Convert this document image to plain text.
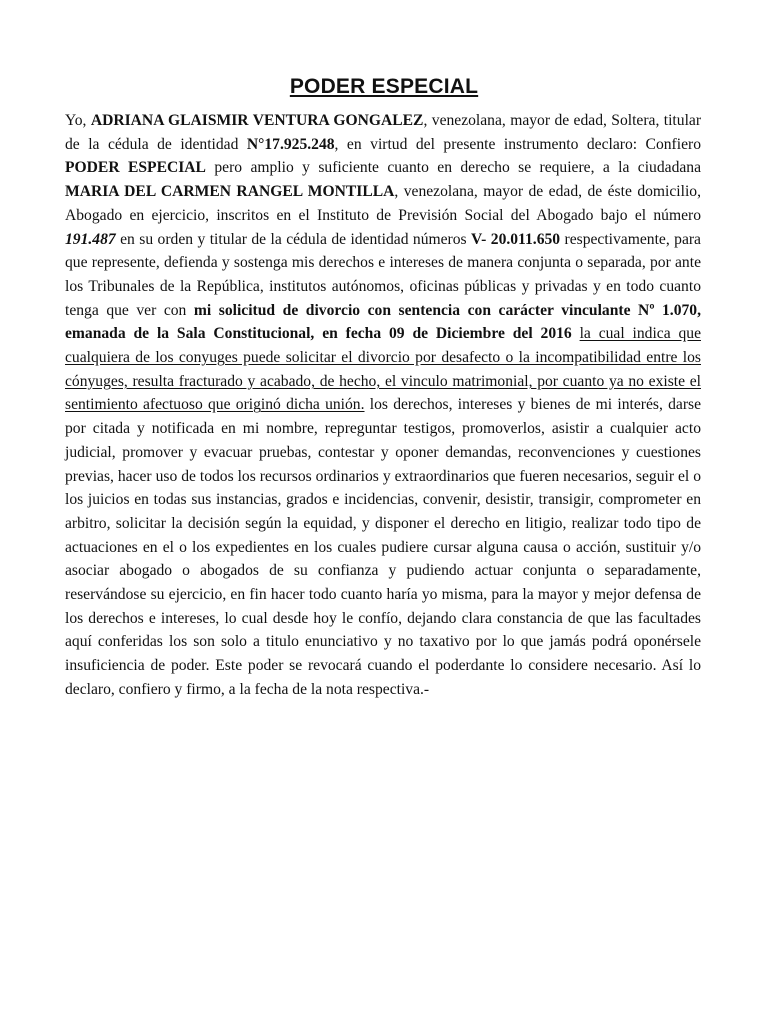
PODER ESPECIAL

Yo, ADRIANA GLAISMIR VENTURA GONGALEZ, venezolana, mayor de edad, Soltera, titular de la cédula de identidad N°17.925.248, en virtud del presente instrumento declaro: Confiero PODER ESPECIAL pero amplio y suficiente cuanto en derecho se requiere, a la ciudadana MARIA DEL CARMEN RANGEL MONTILLA, venezolana, mayor de edad, de éste domicilio, Abogado en ejercicio, inscritos en el Instituto de Previsión Social del Abogado bajo el número 191.487 en su orden y titular de la cédula de identidad números V- 20.011.650 respectivamente, para que represente, defienda y sostenga mis derechos e intereses de manera conjunta o separada, por ante los Tribunales de la República, institutos autónomos, oficinas públicas y privadas y en todo cuanto tenga que ver con mi solicitud de divorcio con sentencia con carácter vinculante Nº 1.070, emanada de la Sala Constitucional, en fecha 09 de Diciembre del 2016 la cual indica que cualquiera de los conyuges puede solicitar el divorcio por desafecto o la incompatibilidad entre los cónyuges, resulta fracturado y acabado, de hecho, el vinculo matrimonial, por cuanto ya no existe el sentimiento afectuoso que originó dicha unión. los derechos, intereses y bienes de mi interés, darse por citada y notificada en mi nombre, repreguntar testigos, promoverlos, asistir a cualquier acto judicial, promover y evacuar pruebas, contestar y oponer demandas, reconvenciones y cuestiones previas, hacer uso de todos los recursos ordinarios y extraordinarios que fueren necesarios, seguir el o los juicios en todas sus instancias, grados e incidencias, convenir, desistir, transigir, comprometer en arbitro, solicitar la decisión según la equidad, y disponer el derecho en litigio, realizar todo tipo de actuaciones en el o los expedientes en los cuales pudiere cursar alguna causa o acción, sustituir y/o asociar abogado o abogados de su confianza y pudiendo actuar conjunta o separadamente, reservándose su ejercicio, en fin hacer todo cuanto haría yo misma, para la mayor y mejor defensa de los derechos e intereses, lo cual desde hoy le confío, dejando clara constancia de que las facultades aquí conferidas los son solo a titulo enunciativo y no taxativo por lo que jamás podrá oponérsele insuficiencia de poder. Este poder se revocará cuando el poderdante lo considere necesario. Así lo declaro, confiero y firmo, a la fecha de la nota respectiva.-
